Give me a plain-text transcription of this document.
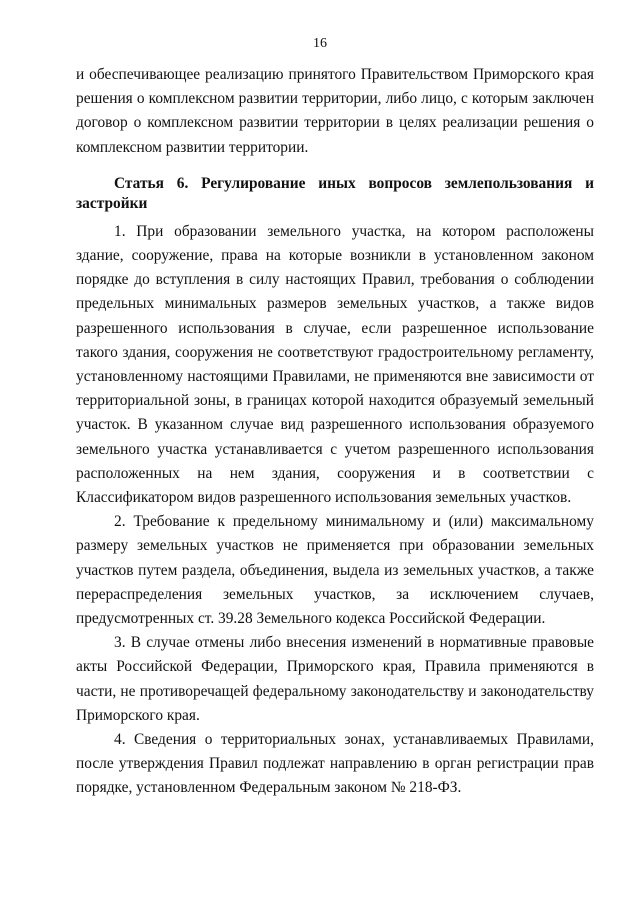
16

и обеспечивающее реализацию принятого Правительством Приморского края решения о комплексном развитии территории, либо лицо, с которым заключен договор о комплексном развитии территории в целях реализации решения о комплексном развитии территории.

Статья 6. Регулирование иных вопросов землепользования и застройки

1. При образовании земельного участка, на котором расположены здание, сооружение, права на которые возникли в установленном законом порядке до вступления в силу настоящих Правил, требования о соблюдении предельных минимальных размеров земельных участков, а также видов разрешенного использования в случае, если разрешенное использование такого здания, сооружения не соответствуют градостроительному регламенту, установленному настоящими Правилами, не применяются вне зависимости от территориальной зоны, в границах которой находится образуемый земельный участок. В указанном случае вид разрешенного использования образуемого земельного участка устанавливается с учетом разрешенного использования расположенных на нем здания, сооружения и в соответствии с Классификатором видов разрешенного использования земельных участков.

2. Требование к предельному минимальному и (или) максимальному размеру земельных участков не применяется при образовании земельных участков путем раздела, объединения, выдела из земельных участков, а также перераспределения земельных участков, за исключением случаев, предусмотренных ст. 39.28 Земельного кодекса Российской Федерации.

3. В случае отмены либо внесения изменений в нормативные правовые акты Российской Федерации, Приморского края, Правила применяются в части, не противоречащей федеральному законодательству и законодательству Приморского края.

4. Сведения о территориальных зонах, устанавливаемых Правилами, после утверждения Правил подлежат направлению в орган регистрации прав порядке, установленном Федеральным законом № 218-ФЗ.
